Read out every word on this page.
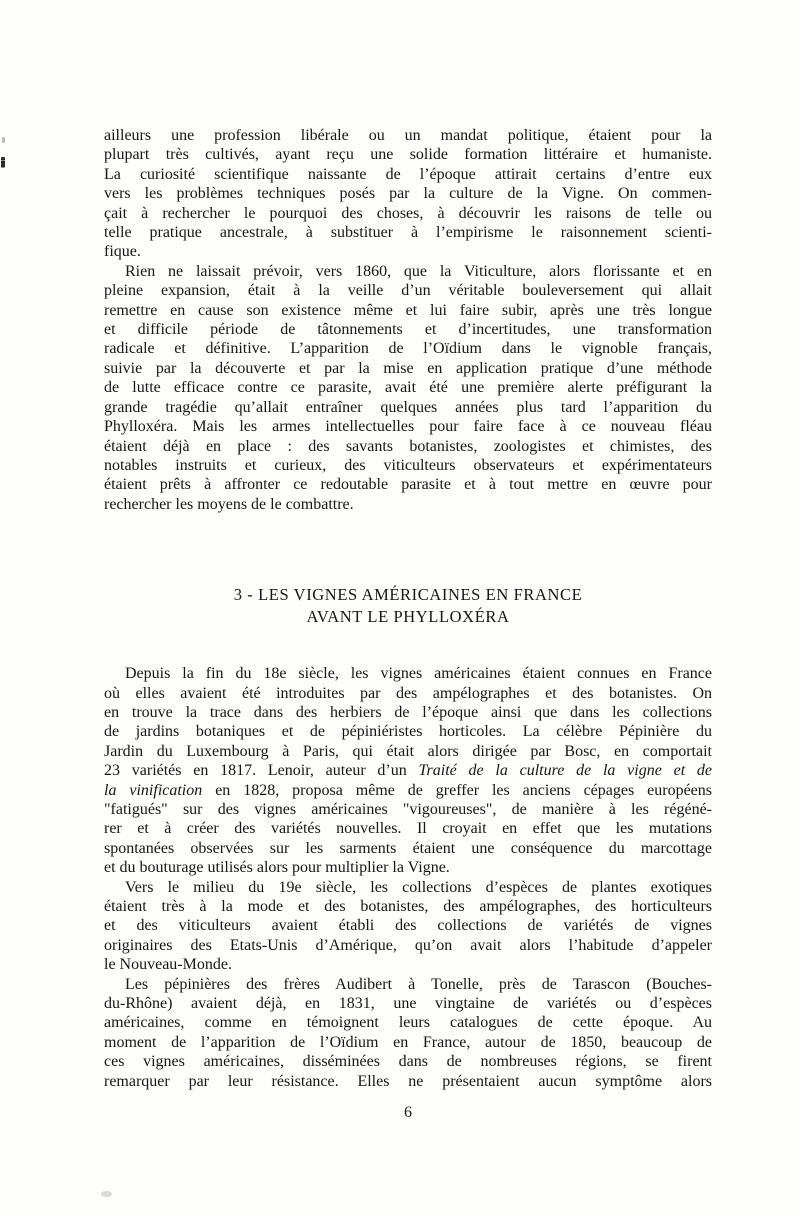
ailleurs une profession libérale ou un mandat politique, étaient pour la
plupart très cultivés, ayant reçu une solide formation littéraire et humaniste.
La curiosité scientifique naissante de l’époque attirait certains d’entre eux
vers les problèmes techniques posés par la culture de la Vigne. On commen-
çait à rechercher le pourquoi des choses, à découvrir les raisons de telle ou
telle pratique ancestrale, à substituer à l’empirisme le raisonnement scienti-
fique.
Rien ne laissait prévoir, vers 1860, que la Viticulture, alors florissante et en
pleine expansion, était à la veille d’un véritable bouleversement qui allait
remettre en cause son existence même et lui faire subir, après une très longue
et difficile période de tâtonnements et d’incertitudes, une transformation
radicale et définitive. L’apparition de l’Oïdium dans le vignoble français,
suivie par la découverte et par la mise en application pratique d’une méthode
de lutte efficace contre ce parasite, avait été une première alerte préfigurant la
grande tragédie qu’allait entraîner quelques années plus tard l’apparition du
Phylloxéra. Mais les armes intellectuelles pour faire face à ce nouveau fléau
étaient déjà en place : des savants botanistes, zoologistes et chimistes, des
notables instruits et curieux, des viticulteurs observateurs et expérimentateurs
étaient prêts à affronter ce redoutable parasite et à tout mettre en œuvre pour
rechercher les moyens de le combattre.
3 - LES VIGNES AMÉRICAINES EN FRANCE
AVANT LE PHYLLOXÉRA
Depuis la fin du 18e siècle, les vignes américaines étaient connues en France
où elles avaient été introduites par des ampélographes et des botanistes. On
en trouve la trace dans des herbiers de l’époque ainsi que dans les collections
de jardins botaniques et de pépiniéristes horticoles. La célèbre Pépinière du
Jardin du Luxembourg à Paris, qui était alors dirigée par Bosc, en comportait
23 variétés en 1817. Lenoir, auteur d’un Traité de la culture de la vigne et de
la vinification en 1828, proposa même de greffer les anciens cépages européens
"fatigués" sur des vignes américaines "vigoureuses", de manière à les régéné-
rer et à créer des variétés nouvelles. Il croyait en effet que les mutations
spontanées observées sur les sarments étaient une conséquence du marcottage
et du bouturage utilisés alors pour multiplier la Vigne.
Vers le milieu du 19e siècle, les collections d’espèces de plantes exotiques
étaient très à la mode et des botanistes, des ampélographes, des horticulteurs
et des viticulteurs avaient établi des collections de variétés de vignes
originaires des Etats-Unis d’Amérique, qu’on avait alors l’habitude d’appeler
le Nouveau-Monde.
Les pépinières des frères Audibert à Tonelle, près de Tarascon (Bouches-
du-Rhône) avaient déjà, en 1831, une vingtaine de variétés ou d’espèces
américaines, comme en témoignent leurs catalogues de cette époque. Au
moment de l’apparition de l’Oïdium en France, autour de 1850, beaucoup de
ces vignes américaines, disséminées dans de nombreuses régions, se firent
remarquer par leur résistance. Elles ne présentaient aucun symptôme alors
6
